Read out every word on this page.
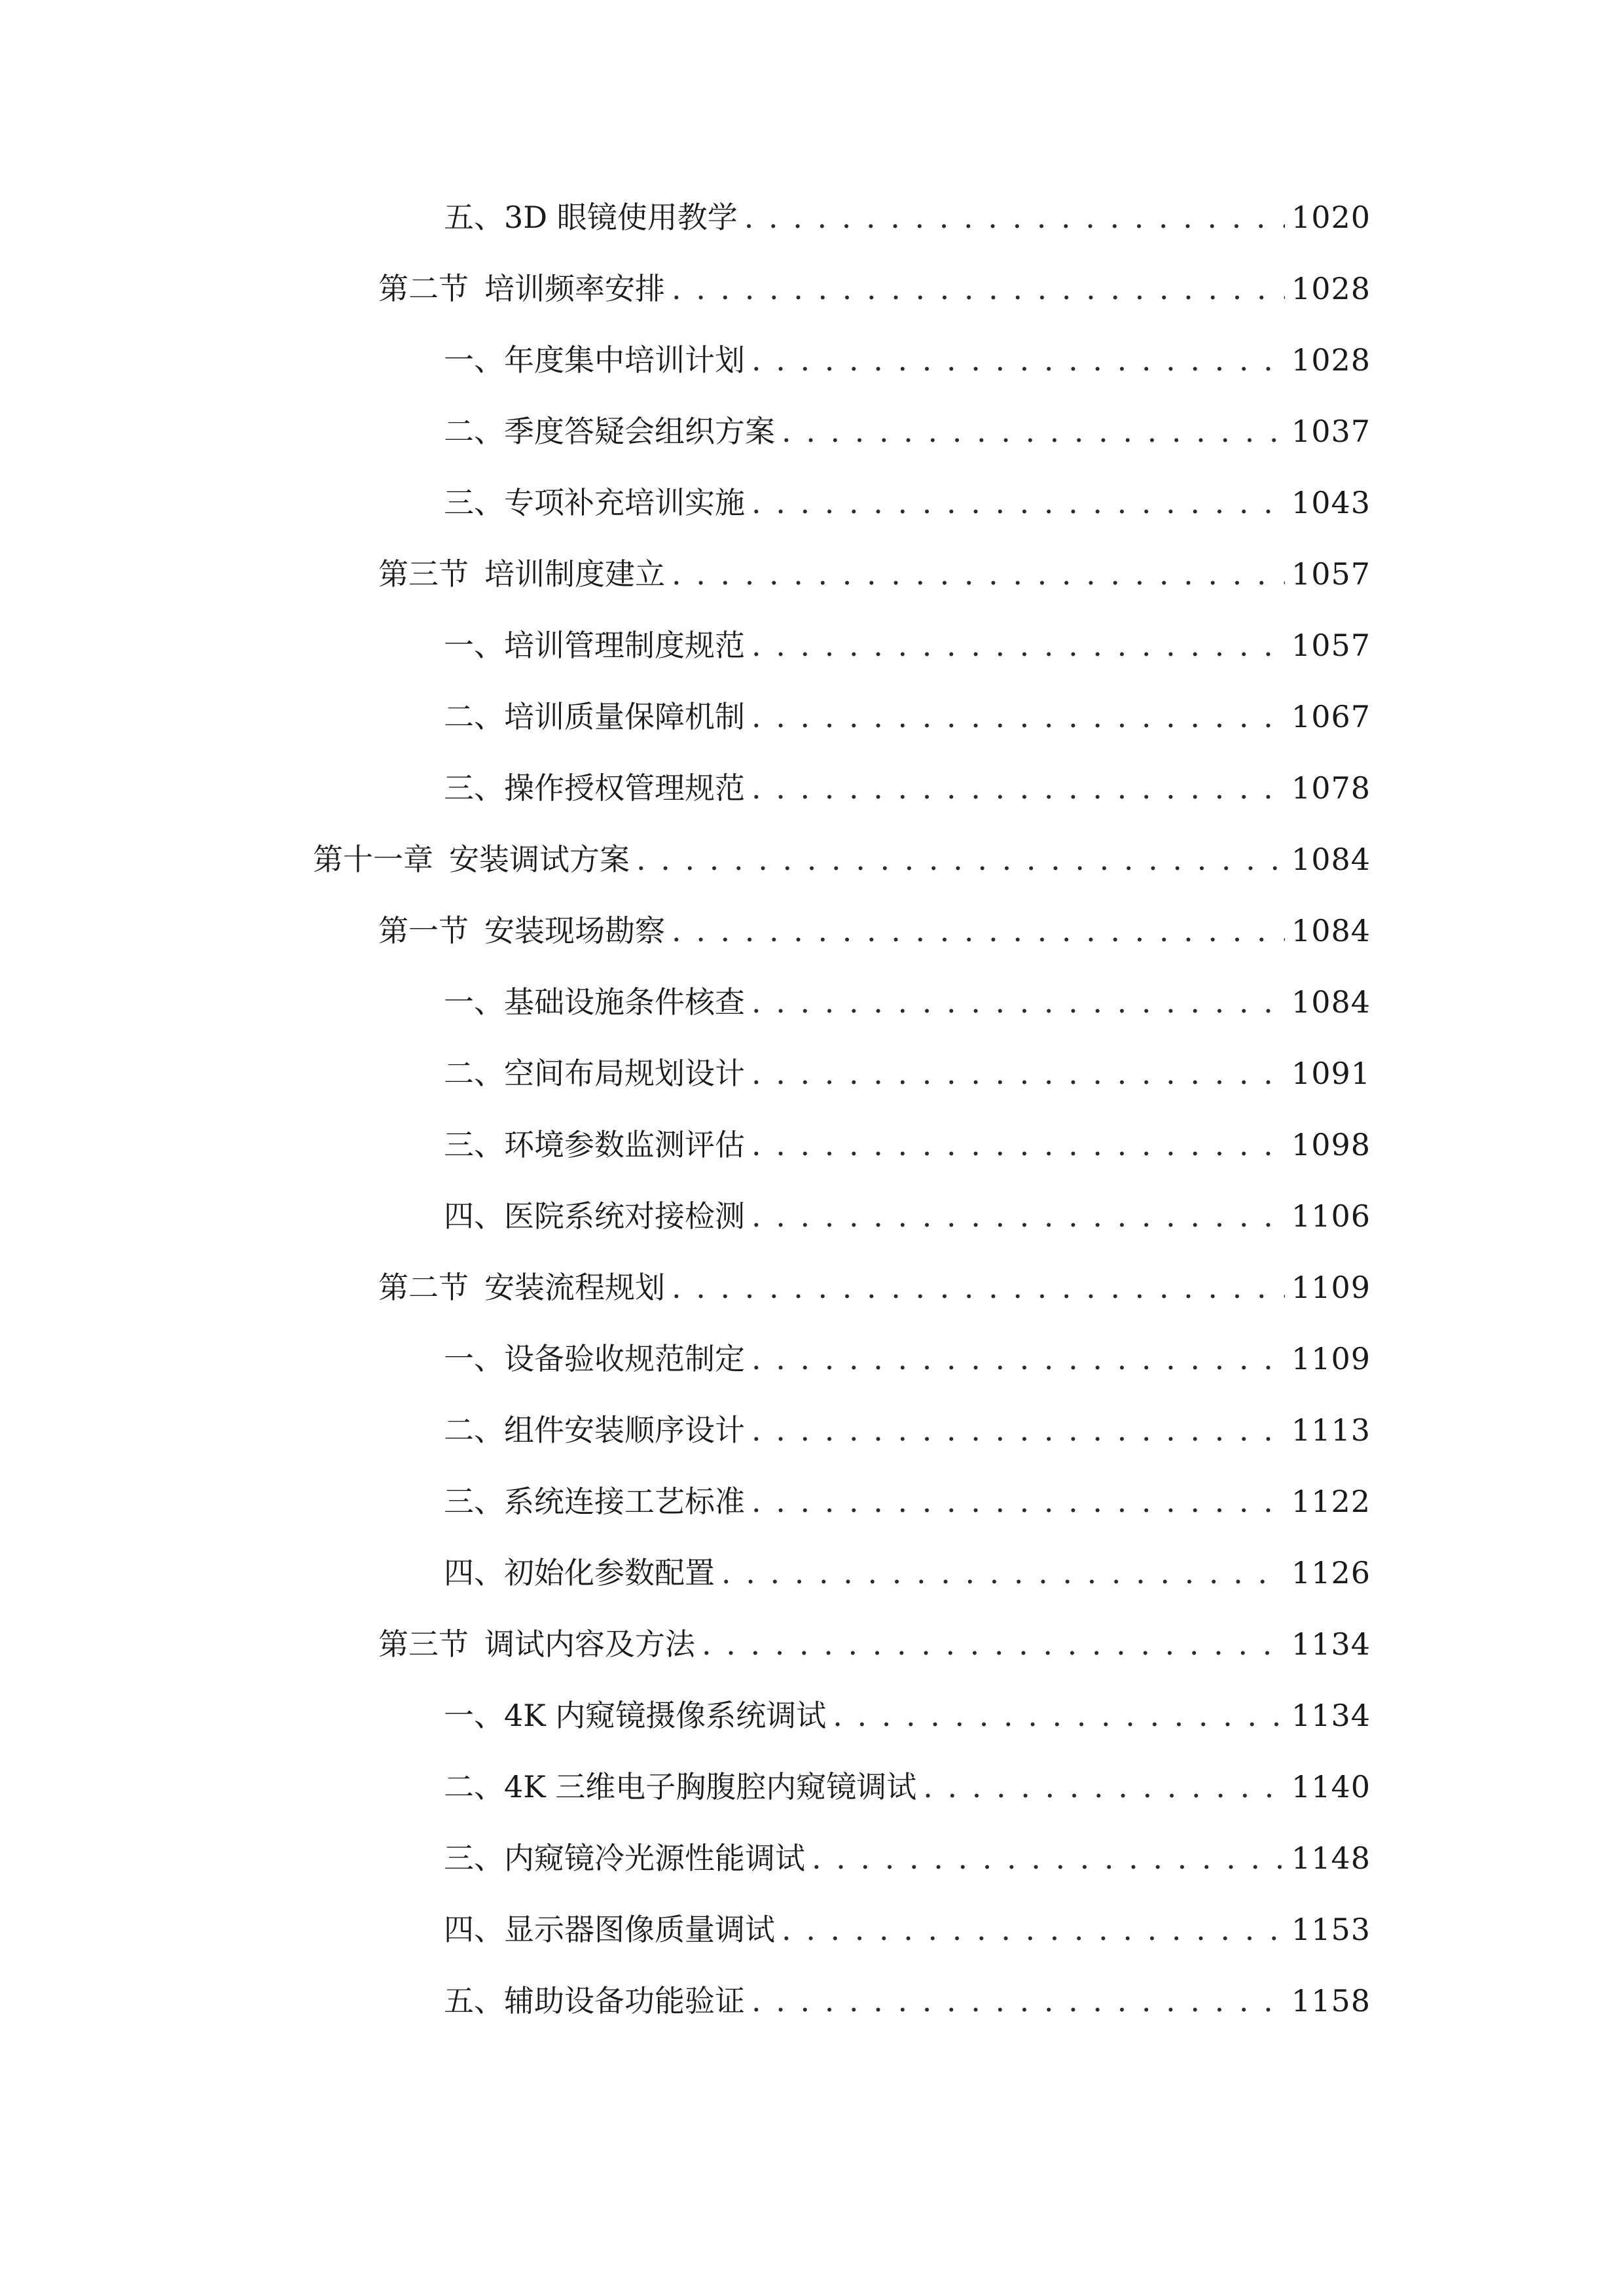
五、 3D 眼镜使用教学 . . .	1020
第二节 培训频率安排 . . .	1028
一、 年度集中培训计划 . . .	1028
二、 季度答疑会组织方案 . . .	1037
三、 专项补充培训实施 . . .	1043
第三节 培训制度建立 . . .	1057
一、 培训管理制度规范 . . .	1057
二、 培训质量保障机制 . . .	1067
三、 操作授权管理规范 . . .	1078
第十一章 安装调试方案 . . .	1084
第一节 安装现场勘察 . . .	1084
一、 基础设施条件核查 . . .	1084
二、 空间布局规划设计 . . .	1091
三、 环境参数监测评估 . . .	1098
四、 医院系统对接检测 . . .	1106
第二节 安装流程规划 . . .	1109
一、 设备验收规范制定 . . .	1109
二、 组件安装顺序设计 . . .	1113
三、 系统连接工艺标准 . . .	1122
四、 初始化参数配置 . . .	1126
第三节 调试内容及方法 . . .	1134
一、 4K 内窥镜摄像系统调试 . . .	1134
二、 4K 三维电子胸腹腔内窥镜调试 . . .	1140
三、 内窥镜冷光源性能调试 . . .	1148
四、 显示器图像质量调试 . . .	1153
五、 辅助设备功能验证 . . .	1158
